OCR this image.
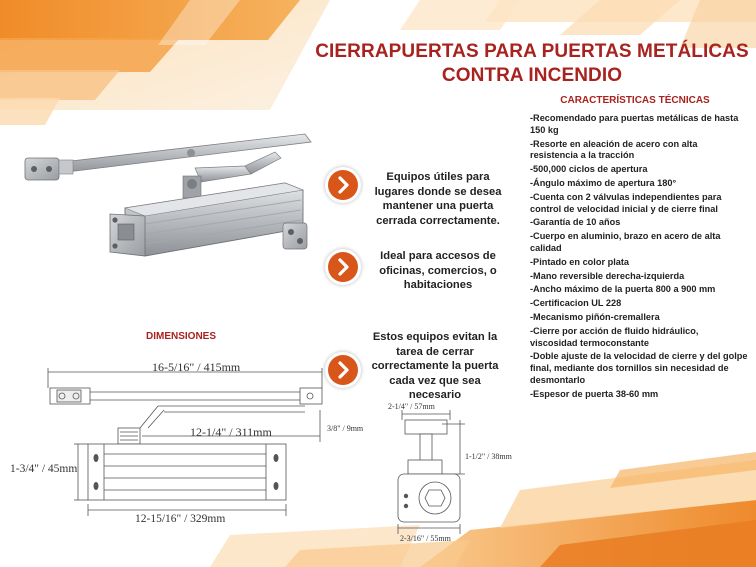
CIERRAPUERTAS PARA PUERTAS METÁLICAS
CONTRA INCENDIO
Equipos útiles para lugares donde se desea mantener una puerta cerrada correctamente.
Ideal para accesos de oficinas, comercios, o habitaciones
Estos equipos evitan la tarea de cerrar correctamente la puerta cada vez que sea necesario
CARACTERÍSTICAS TÉCNICAS
-Recomendado para puertas metálicas de hasta 150 kg
-Resorte en aleación de acero con alta resistencia a la tracción
-500,000 ciclos de apertura
-Ángulo máximo de apertura 180°
-Cuenta con 2 válvulas independientes para control de velocidad inicial y de cierre final
-Garantía de 10 años
-Cuerpo en aluminio, brazo en acero de alta calidad
-Pintado en color plata
-Mano reversible derecha-izquierda
-Ancho máximo de la puerta 800 a 900 mm
-Certificacion UL 228
-Mecanismo piñón-cremallera
-Cierre por acción de fluido hidráulico, viscosidad termoconstante
-Doble ajuste de la velocidad de cierre y del golpe final, mediante dos tornillos sin necesidad de desmontarlo
-Espesor de puerta 38-60 mm
DIMENSIONES
16-5/16" / 415mm
12-1/4" / 311mm
1-3/4" / 45mm
12-15/16" / 329mm
3/8" / 9mm
2-1/4" / 57mm
1-1/2" / 38mm
2-3/16" / 55mm
